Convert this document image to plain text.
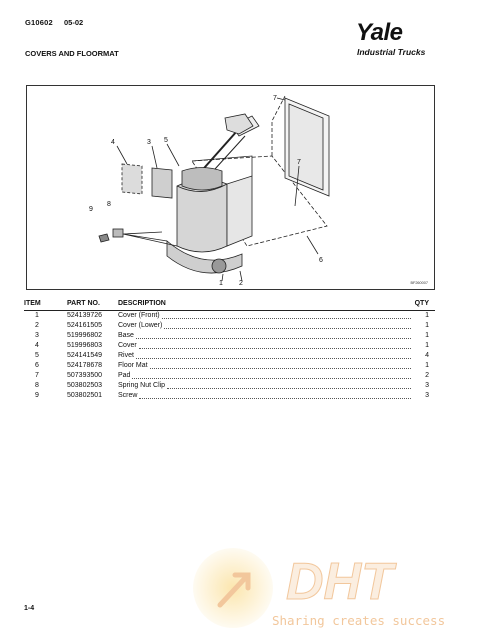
G10602 05-02
COVERS AND FLOORMAT
Yale
Industrial Trucks
7
4	3 5
7
8
9
6
1 2	BF260007
ITEM	PART NO.	DESCRIPTION	QTY
1	524139726 Cover (Front)	1
2	524161505 Cover (Lower)	1
3	519996802 Base	1
4	519996803 Cover	1
5	524141549 Rivet	4
6	524178678 Floor Mat	1
7	507393500 Pad	2
8	503802503 Spring Nut Clip	3
9	503802501 Screw	3
1-4	DHT
Sharing creates success
